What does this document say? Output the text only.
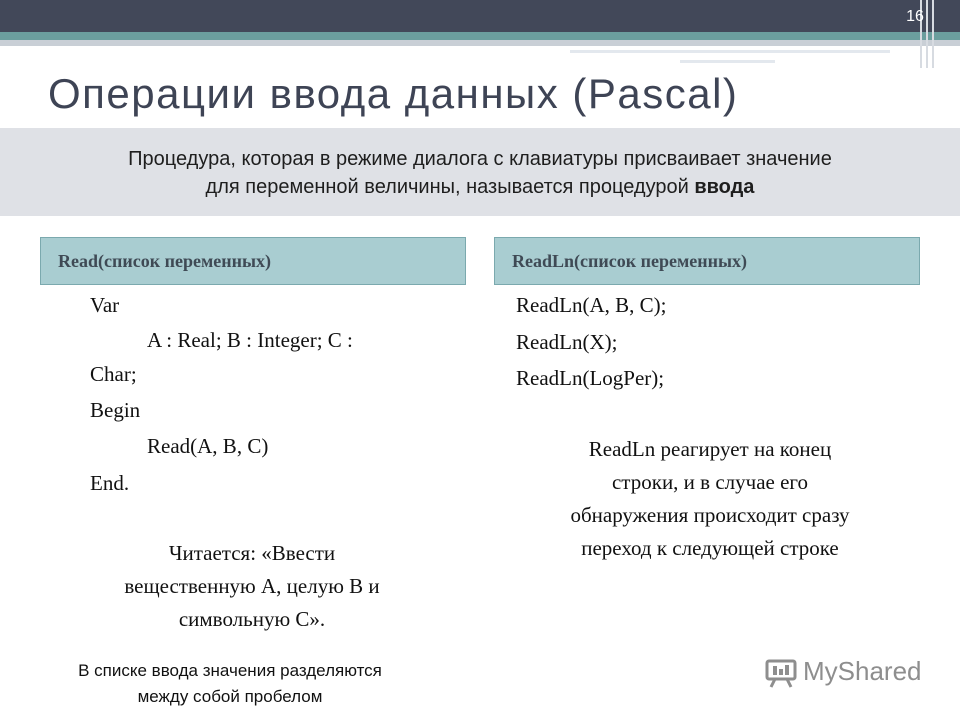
16
Операции ввода данных (Pascal)
Процедура, которая в режиме диалога с клавиатуры присваивает значение
для переменной величины, называется процедурой ввода
Read(список переменных)	ReadLn(список переменных)
Var
A : Real; B : Integer; C :
Char;
Begin
Read(A, B, C)
End.
Читается: «Ввести
вещественную А, целую В и
символьную С».
В списке ввода значения разделяются
между собой пробелом
ReadLn(A, B, C);
ReadLn(X);
ReadLn(LogPer);
ReadLn реагирует на конец
строки, и в случае его
обнаружения происходит сразу
переход к следующей строке
MyShared
